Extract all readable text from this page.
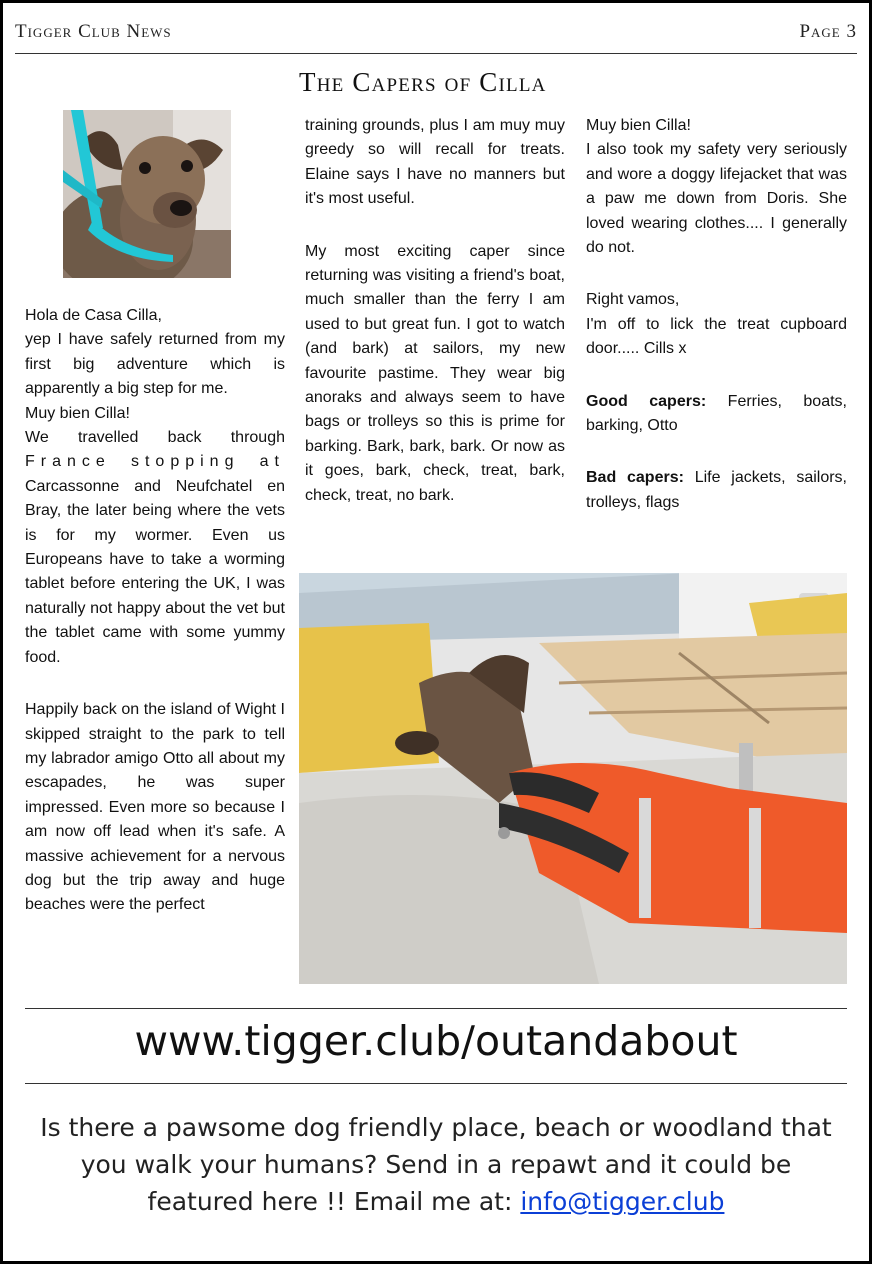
Tigger Club News	Page 3
The Capers of Cilla

Hola de Casa Cilla,

yep I have safely returned from my first big adventure which is apparently a big step for me.

Muy bien Cilla!

We travelled back through France stopping at Carcassonne and Neufchatel en Bray, the later being where the vets is for my wormer. Even us Europeans have to take a worming tablet before entering the UK, I was naturally not happy about the vet but the tablet came with some yummy food.

Happily back on the island of Wight I skipped straight to the park to tell my labrador amigo Otto all about my escapades, he was super impressed. Even more so because I am now off lead when it's safe. A massive achievement for a nervous dog but the trip away and huge beaches were the perfect

training grounds, plus I am muy muy greedy so will recall for treats. Elaine says I have no manners but it's most useful.

My most exciting caper since returning was visiting a friend's boat, much smaller than the ferry I am used to but great fun. I got to watch (and bark) at sailors, my new favourite pastime. They wear big anoraks and always seem to have bags or trolleys so this is prime for barking. Bark, bark, bark. Or now as it goes, bark, check, treat, bark, check, treat, no bark.

Muy bien Cilla!

I also took my safety very seriously and wore a doggy lifejacket that was a paw me down from Doris. She loved wearing clothes.... I generally do not.

Right vamos,

I'm off to lick the treat cupboard door..... Cills x

Good capers: Ferries, boats, barking, Otto

Bad capers: Life jackets, sailors, trolleys, flags

www.tigger.club/outandabout
Is there a pawsome dog friendly place, beach or woodland that you walk your humans? Send in a repawt and it could be featured here !! Email me at: info@tigger.club
